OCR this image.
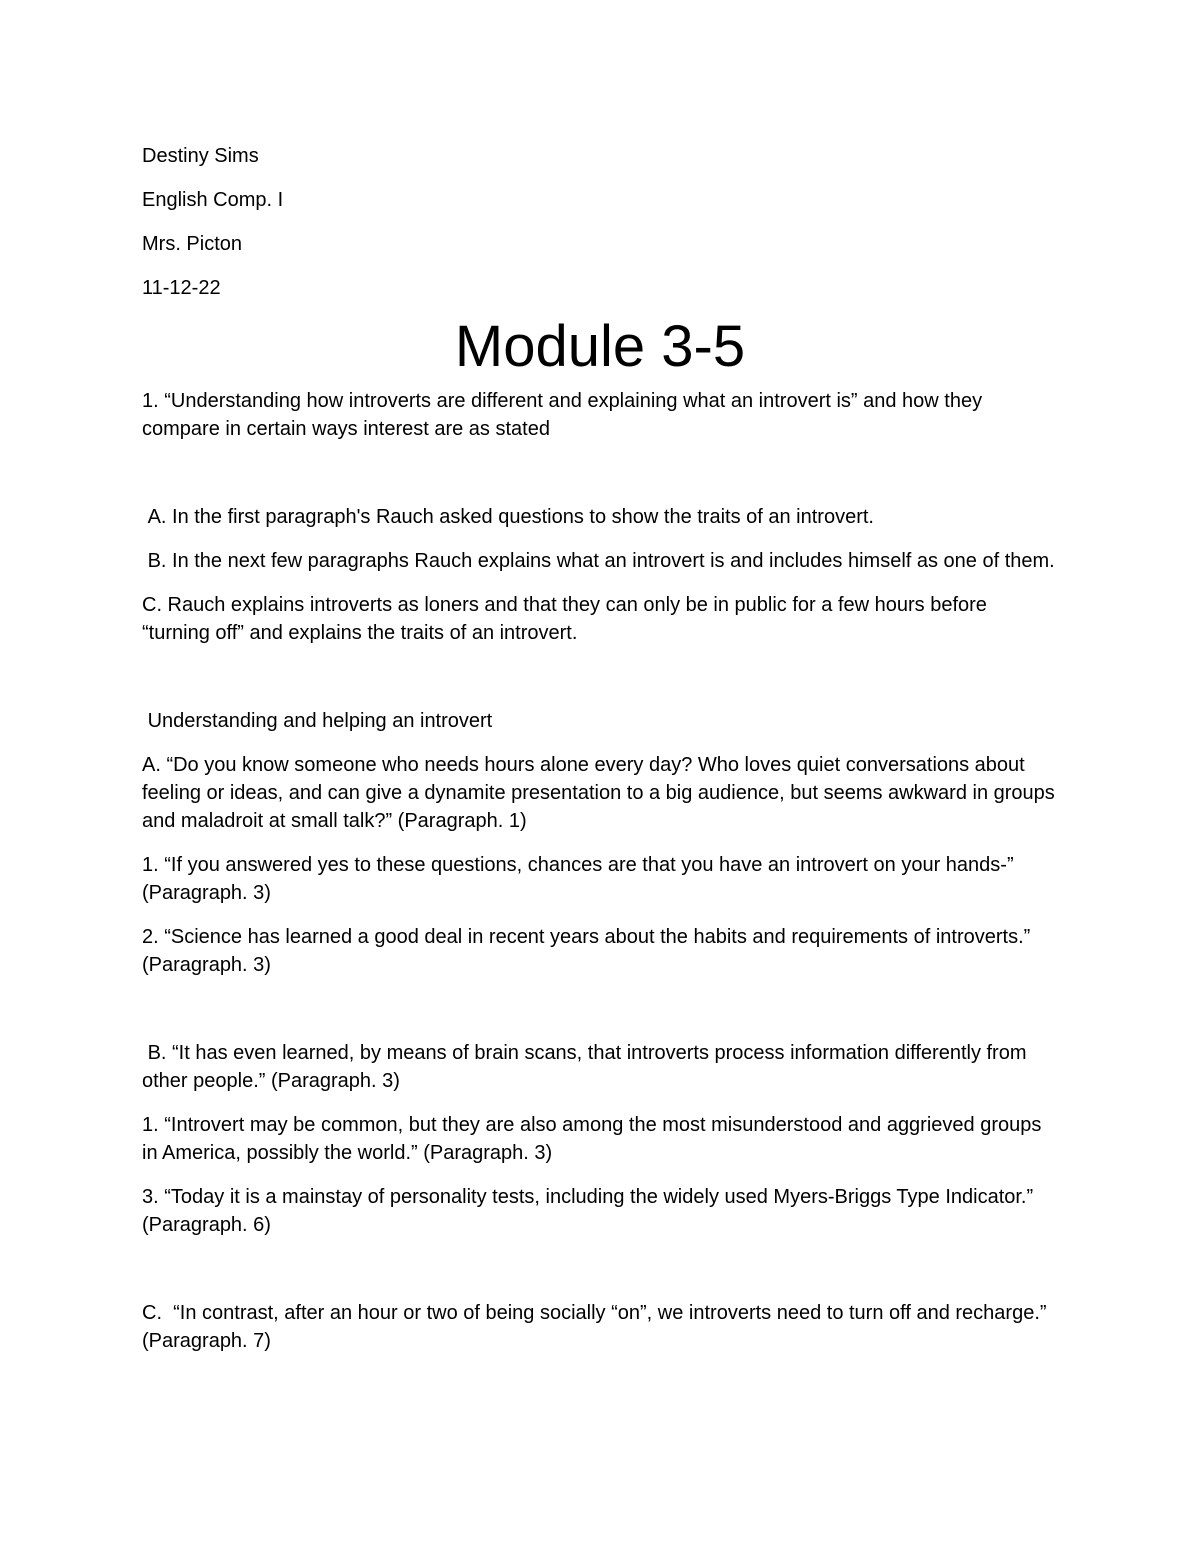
Destiny Sims

English Comp. I

Mrs. Picton

11-12-22

Module 3-5

1. “Understanding how introverts are different and explaining what an introvert is” and how they compare in certain ways interest are as stated

A. In the first paragraph's Rauch asked questions to show the traits of an introvert.

B. In the next few paragraphs Rauch explains what an introvert is and includes himself as one of them.

C. Rauch explains introverts as loners and that they can only be in public for a few hours before “turning off” and explains the traits of an introvert.

Understanding and helping an introvert

A. “Do you know someone who needs hours alone every day? Who loves quiet conversations about feeling or ideas, and can give a dynamite presentation to a big audience, but seems awkward in groups and maladroit at small talk?” (Paragraph. 1)

1. “If you answered yes to these questions, chances are that you have an introvert on your hands-” (Paragraph. 3)

2. “Science has learned a good deal in recent years about the habits and requirements of introverts.” (Paragraph. 3)

B. “It has even learned, by means of brain scans, that introverts process information differently from other people.” (Paragraph. 3)

1. “Introvert may be common, but they are also among the most misunderstood and aggrieved groups in America, possibly the world.” (Paragraph. 3)

3. “Today it is a mainstay of personality tests, including the widely used Myers-Briggs Type Indicator.” (Paragraph. 6)

C.  “In contrast, after an hour or two of being socially “on”, we introverts need to turn off and recharge.” (Paragraph. 7)
